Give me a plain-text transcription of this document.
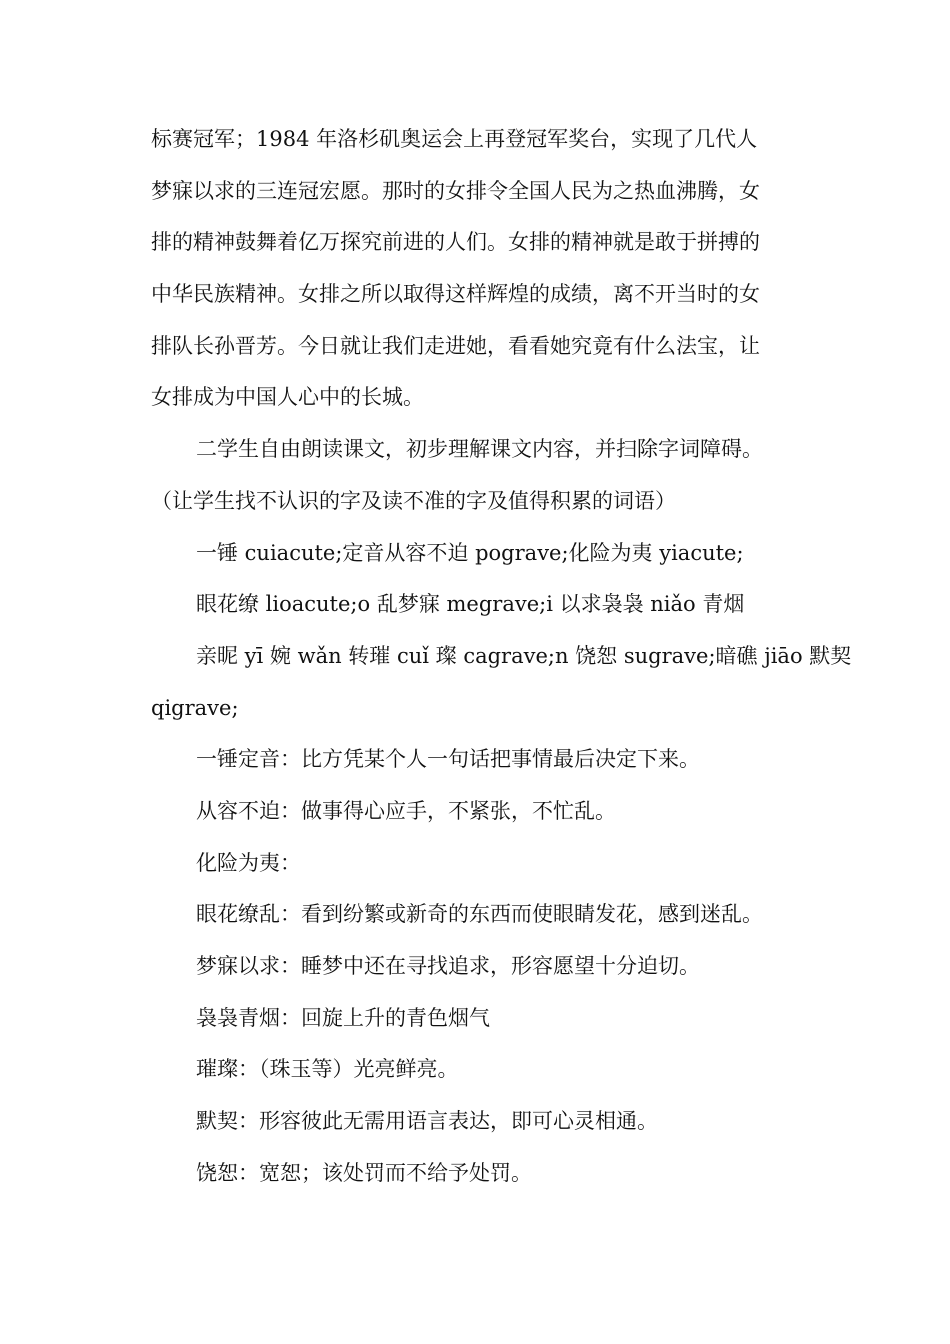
标赛冠军；1984 年洛杉矶奥运会上再登冠军奖台，实现了几代人
梦寐以求的三连冠宏愿。那时的女排令全国人民为之热血沸腾，女
排的精神鼓舞着亿万探究前进的人们。女排的精神就是敢于拼搏的
中华民族精神。女排之所以取得这样辉煌的成绩，离不开当时的女
排队长孙晋芳。今日就让我们走进她，看看她究竟有什么法宝，让
女排成为中国人心中的长城。
二学生自由朗读课文，初步理解课文内容，并扫除字词障碍。
（让学生找不认识的字及读不准的字及值得积累的词语）
一锤 cuiacute;定音从容不迫 pograve;化险为夷 yiacute;
眼花缭 lioacute;o 乱梦寐 megrave;i 以求袅袅 niǎo 青烟
亲昵 yī 婉 wǎn 转璀 cuǐ 璨 cagrave;n 饶恕 sugrave;暗礁 jiāo 默契
qigrave;
一锤定音：比方凭某个人一句话把事情最后决定下来。
从容不迫：做事得心应手，不紧张，不忙乱。
化险为夷：
眼花缭乱：看到纷繁或新奇的东西而使眼睛发花，感到迷乱。
梦寐以求：睡梦中还在寻找追求，形容愿望十分迫切。
袅袅青烟：回旋上升的青色烟气
璀璨：（珠玉等）光亮鲜亮。
默契：形容彼此无需用语言表达，即可心灵相通。
饶恕：宽恕；该处罚而不给予处罚。
